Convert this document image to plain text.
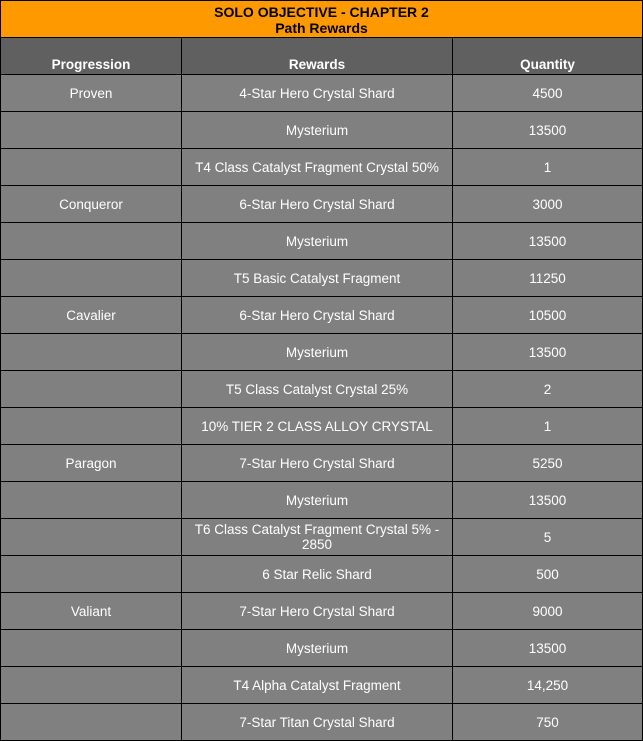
SOLO OBJECTIVE - CHAPTER 2
Path Rewards
Progression	Rewards	Quantity
Proven	4-Star Hero Crystal Shard	4500
	Mysterium	13500
	T4 Class Catalyst Fragment Crystal 50%	1
Conqueror	6-Star Hero Crystal Shard	3000
	Mysterium	13500
	T5 Basic Catalyst Fragment	11250
Cavalier	6-Star Hero Crystal Shard	10500
	Mysterium	13500
	T5 Class Catalyst Crystal 25%	2
	10% TIER 2 CLASS ALLOY CRYSTAL	1
Paragon	7-Star Hero Crystal Shard	5250
	Mysterium	13500
	T6 Class Catalyst Fragment Crystal 5% - 2850	5
	6 Star Relic Shard	500
Valiant	7-Star Hero Crystal Shard	9000
	Mysterium	13500
	T4 Alpha Catalyst Fragment	14,250
	7-Star Titan Crystal Shard	750
